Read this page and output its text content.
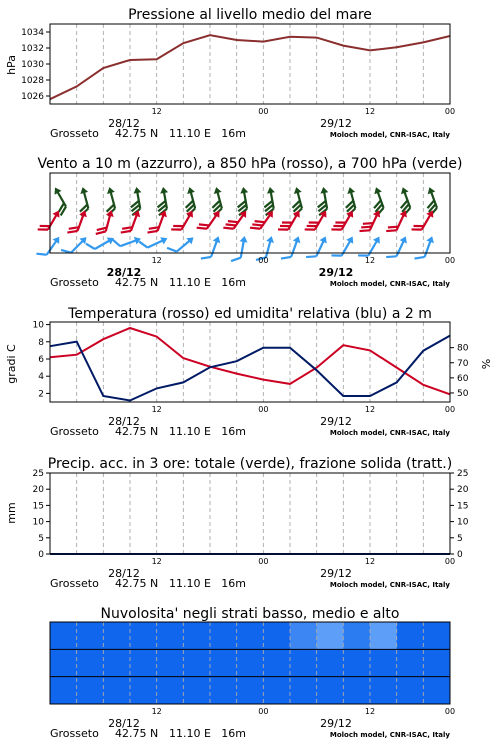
Pressione al livello medio del mare
hPa
1026
1028
1030
1032
1034
Vento a 10 m (azzurro), a 850 hPa (rosso), a 700 hPa (verde)
Temperatura (rosso) ed umidita' relativa (blu) a 2 m
gradi C	%
2
4
6
8
10
50
60
70
80
Precip. acc. in 3 ore: totale (verde), frazione solida (tratt.)
mm
0	0
5	5
10	10
15	15
20	20
25	25
Nuvolosita' negli strati basso, medio e alto
12	00	12	00
28/12	29/12
Grosseto 42.75 N 11.10 E 16m	Moloch model, CNR-ISAC, Italy
12	00	12	00
28/12	29/12
Grosseto 42.75 N 11.10 E 16m	Moloch model, CNR-ISAC, Italy
12	00	12	00
28/12	29/12
Grosseto 42.75 N 11.10 E 16m	Moloch model, CNR-ISAC, Italy
12	00	12	00
28/12	29/12
Grosseto 42.75 N 11.10 E 16m	Moloch model, CNR-ISAC, Italy
12	00	12	00
28/12	29/12
Grosseto 42.75 N 11.10 E 16m	Moloch model, CNR-ISAC, Italy
